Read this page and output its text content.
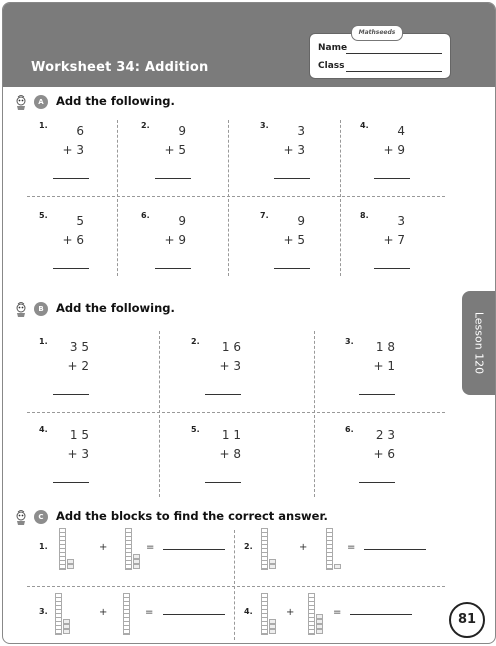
Worksheet 34: Addition
Name
Class
Mathseeds
A	Add the following.
1.	6
+ 3
2.	9
+ 5
3.	3
+ 3
4.	4
+ 9
5.	5
+ 6
6.	9
+ 9
7.	9
+ 5
8.	3
+ 7
B	Add the following.
1.	3 5
+ 2
2.	1 6
+ 3
3.	1 8
+ 1
4.	1 5
+ 3
5.	1 1
+ 8
6.	2 3
+ 6
C	Add the blocks to find the correct answer.
1.	+	=	2.	+	=
3.	+	=	4.	+	=
Lesson 120
81
